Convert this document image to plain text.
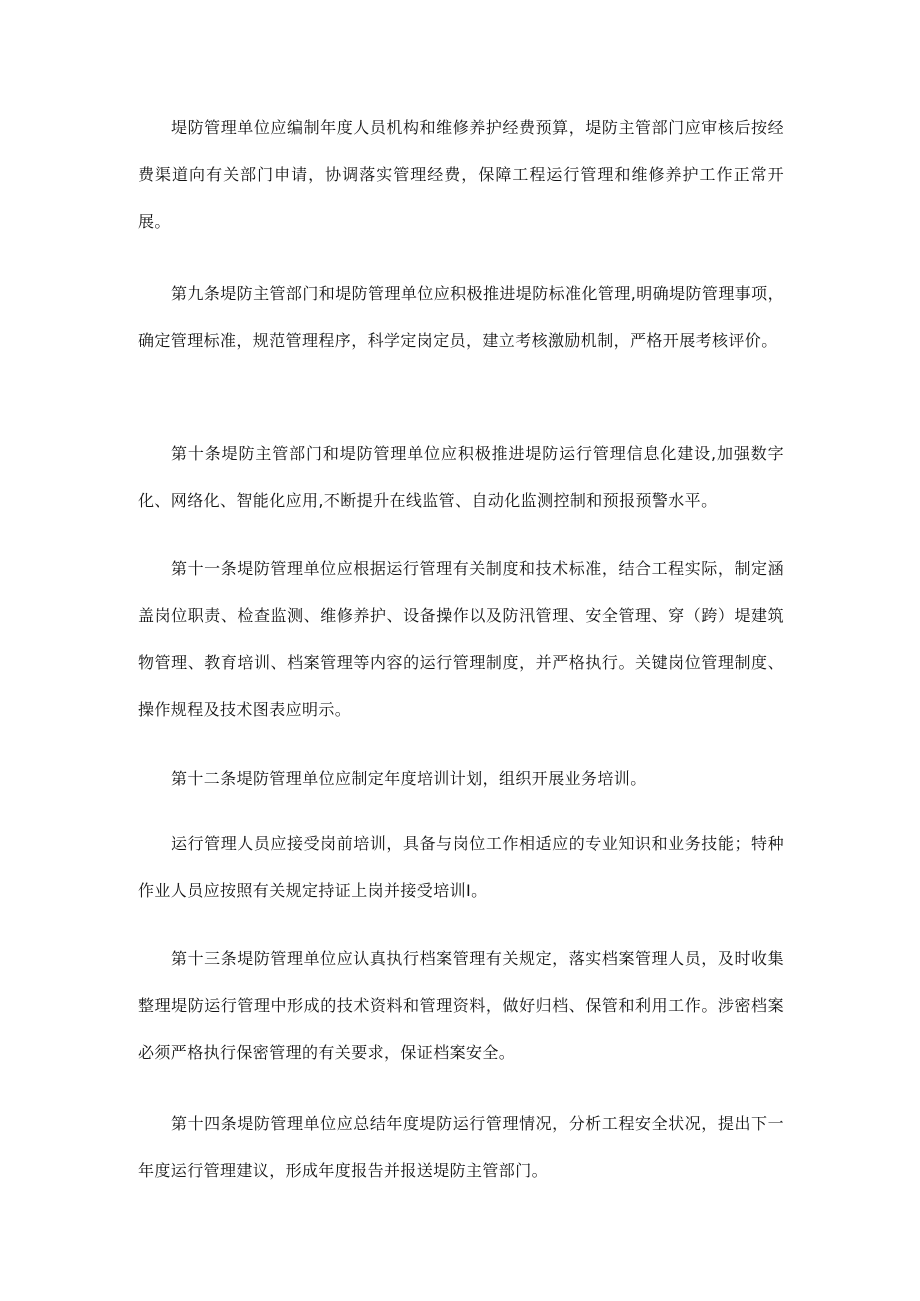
堤防管理单位应编制年度人员机构和维修养护经费预算，堤防主管部门应审核后按经费渠道向有关部门申请，协调落实管理经费，保障工程运行管理和维修养护工作正常开展。

第九条堤防主管部门和堤防管理单位应积极推进堤防标准化管理,明确堤防管理事项，确定管理标准，规范管理程序，科学定岗定员，建立考核激励机制，严格开展考核评价。

第十条堤防主管部门和堤防管理单位应积极推进堤防运行管理信息化建设,加强数字化、网络化、智能化应用,不断提升在线监管、自动化监测控制和预报预警水平。

第十一条堤防管理单位应根据运行管理有关制度和技术标准，结合工程实际，制定涵盖岗位职责、检查监测、维修养护、设备操作以及防汛管理、安全管理、穿（跨）堤建筑物管理、教育培训、档案管理等内容的运行管理制度，并严格执行。关键岗位管理制度、操作规程及技术图表应明示。

第十二条堤防管理单位应制定年度培训计划，组织开展业务培训。

运行管理人员应接受岗前培训，具备与岗位工作相适应的专业知识和业务技能；特种作业人员应按照有关规定持证上岗并接受培训Ⅰ。

第十三条堤防管理单位应认真执行档案管理有关规定，落实档案管理人员，及时收集整理堤防运行管理中形成的技术资料和管理资料，做好归档、保管和利用工作。涉密档案必须严格执行保密管理的有关要求，保证档案安全。

第十四条堤防管理单位应总结年度堤防运行管理情况，分析工程安全状况，提出下一年度运行管理建议，形成年度报告并报送堤防主管部门。
